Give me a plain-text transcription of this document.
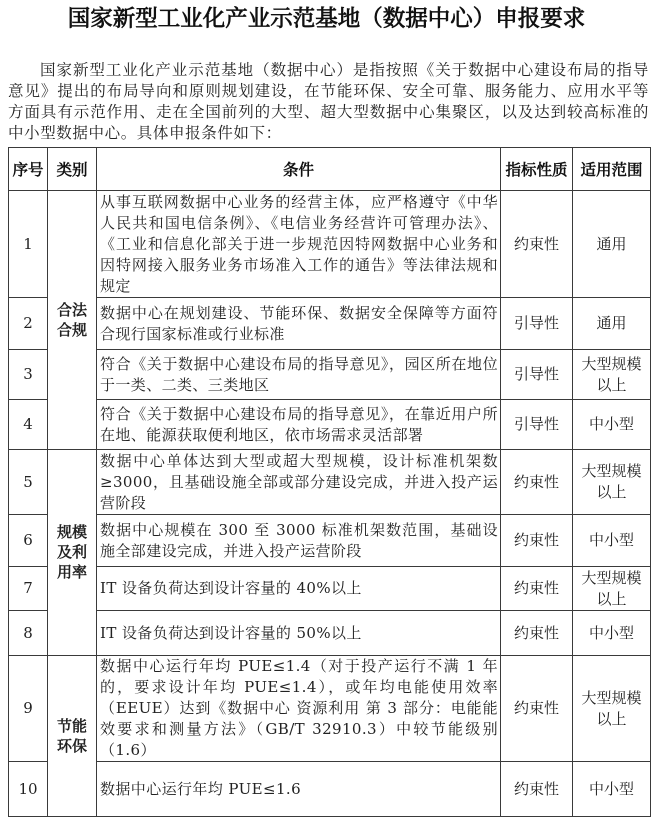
国家新型工业化产业示范基地（数据中心）申报要求
国家新型工业化产业示范基地（数据中心）是指按照《关于数据中心建设布局的指导意见》提出的布局导向和原则规划建设，在节能环保、安全可靠、服务能力、应用水平等方面具有示范作用、走在全国前列的大型、超大型数据中心集聚区，以及达到较高标准的中小型数据中心。具体申报条件如下：
序号	类别	条件	指标性质	适用范围
1	合法合规	从事互联网数据中心业务的经营主体，应严格遵守《中华人民共和国电信条例》、《电信业务经营许可管理办法》、《工业和信息化部关于进一步规范因特网数据中心业务和因特网接入服务业务市场准入工作的通告》等法律法规和规定	约束性	通用
2		数据中心在规划建设、节能环保、数据安全保障等方面符合现行国家标准或行业标准	引导性	通用
3		符合《关于数据中心建设布局的指导意见》，园区所在地位于一类、二类、三类地区	引导性	大型规模以上
4		符合《关于数据中心建设布局的指导意见》，在靠近用户所在地、能源获取便利地区，依市场需求灵活部署	引导性	中小型
5	规模及利用率	数据中心单体达到大型或超大型规模，设计标准机架数≥3000，且基础设施全部或部分建设完成，并进入投产运营阶段	约束性	大型规模以上
6		数据中心规模在 300 至 3000 标准机架数范围，基础设施全部建设完成，并进入投产运营阶段	约束性	中小型
7		IT 设备负荷达到设计容量的 40%以上	约束性	大型规模以上
8		IT 设备负荷达到设计容量的 50%以上	约束性	中小型
9	节能环保	数据中心运行年均 PUE≤1.4（对于投产运行不满 1 年的，要求设计年均 PUE≤1.4），或年均电能使用效率（EEUE）达到《数据中心 资源利用 第 3 部分：电能能效要求和测量方法》（GB/T 32910.3）中较节能级别（1.6）	约束性	大型规模以上
10		数据中心运行年均 PUE≤1.6	约束性	中小型
